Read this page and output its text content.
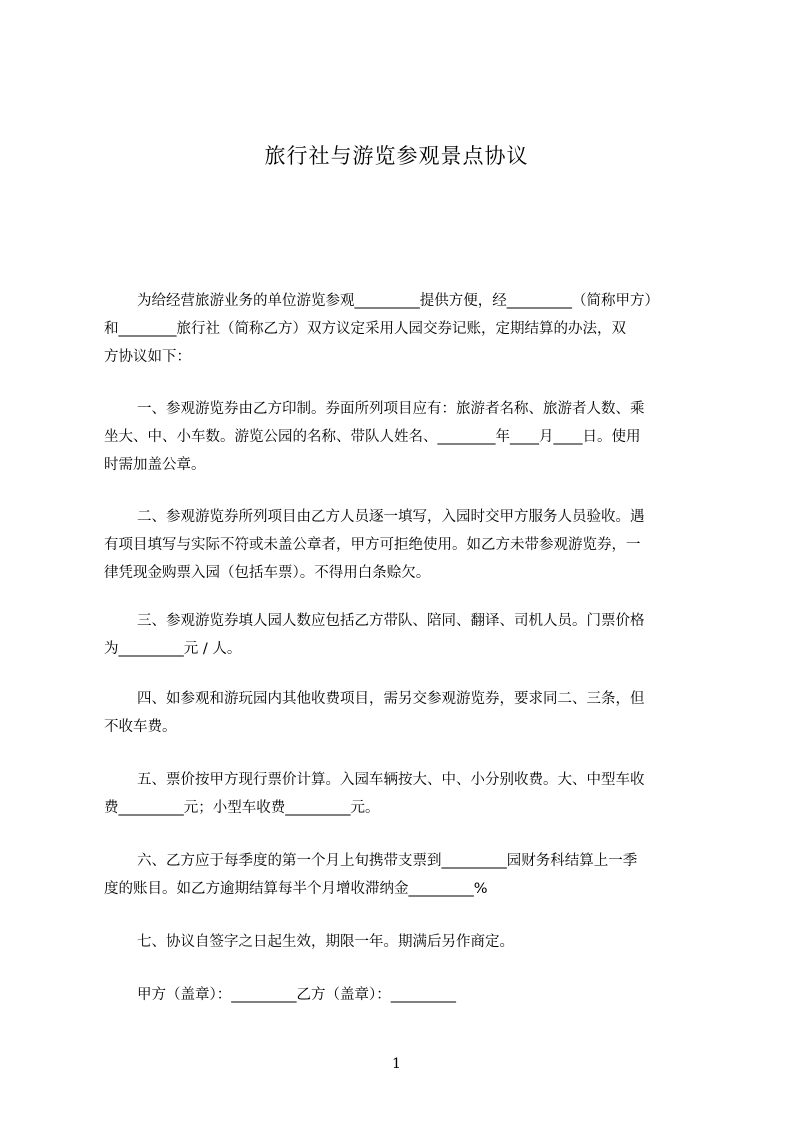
旅行社与游览参观景点协议
为给经营旅游业务的单位游览参观_________提供方便，经_________（简称甲方）
和________旅行社（简称乙方）双方议定采用人园交券记账，定期结算的办法，双
方协议如下：
一、参观游览券由乙方印制。券面所列项目应有：旅游者名称、旅游者人数、乘
坐大、中、小车数。游览公园的名称、带队人姓名、________年____月____日。使用
时需加盖公章。
二、参观游览券所列项目由乙方人员逐一填写，入园时交甲方服务人员验收。遇
有项目填写与实际不符或未盖公章者，甲方可拒绝使用。如乙方未带参观游览券，一
律凭现金购票入园（包括车票）。不得用白条赊欠。
三、参观游览券填人园人数应包括乙方带队、陪同、翻译、司机人员。门票价格
为_________元 / 人。
四、如参观和游玩园内其他收费项目，需另交参观游览券，要求同二、三条，但
不收车费。
五、票价按甲方现行票价计算。入园车辆按大、中、小分别收费。大、中型车收
费_________元；小型车收费_________元。
六、乙方应于每季度的第一个月上旬携带支票到_________园财务科结算上一季
度的账目。如乙方逾期结算每半个月增收滞纳金_________%
七、协议自签字之日起生效，期限一年。期满后另作商定。
甲方（盖章）：_________乙方（盖章）：_________
1
